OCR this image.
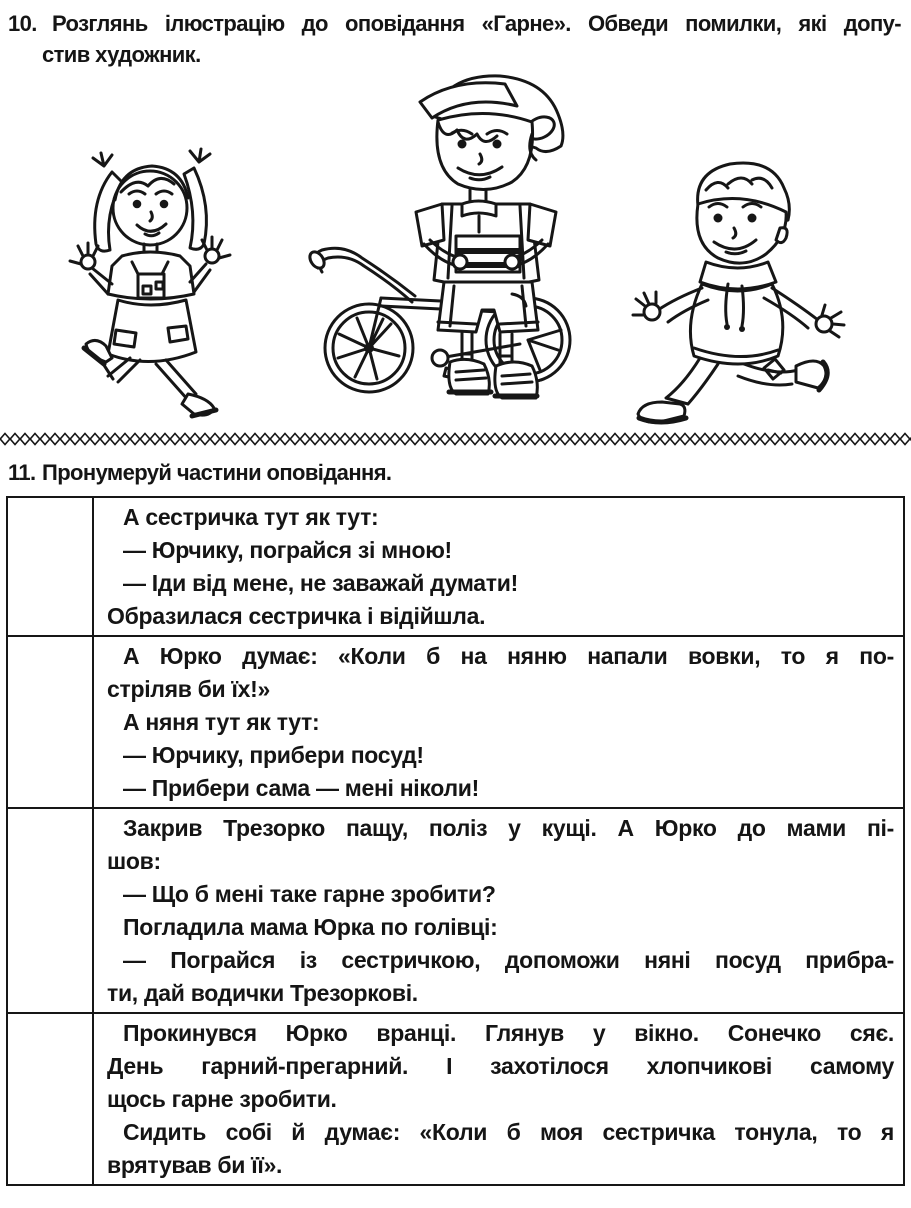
10. Розглянь ілюстрацію до оповідання «Гарне». Обведи помилки, які допу-
стив художник.
11. Пронумеруй частини оповідання.
А сестричка тут як тут:
— Юрчику, пограйся зі мною!
— Іди від мене, не заважай думати!
Образилася сестричка і відійшла.
А Юрко думає: «Коли б на няню напали вовки, то я по-
стріляв би їх!»
А няня тут як тут:
— Юрчику, прибери посуд!
— Прибери сама — мені ніколи!
Закрив Трезорко пащу, поліз у кущі. А Юрко до мами пі-
шов:
— Що б мені таке гарне зробити?
Погладила мама Юрка по голівці:
— Пограйся із сестричкою, допоможи няні посуд прибра-
ти, дай водички Трезоркові.
Прокинувся Юрко вранці. Глянув у вікно. Сонечко сяє.
День гарний-прегарний. І захотілося хлопчикові самому
щось гарне зробити.
Сидить собі й думає: «Коли б моя сестричка тонула, то я
врятував би її».
